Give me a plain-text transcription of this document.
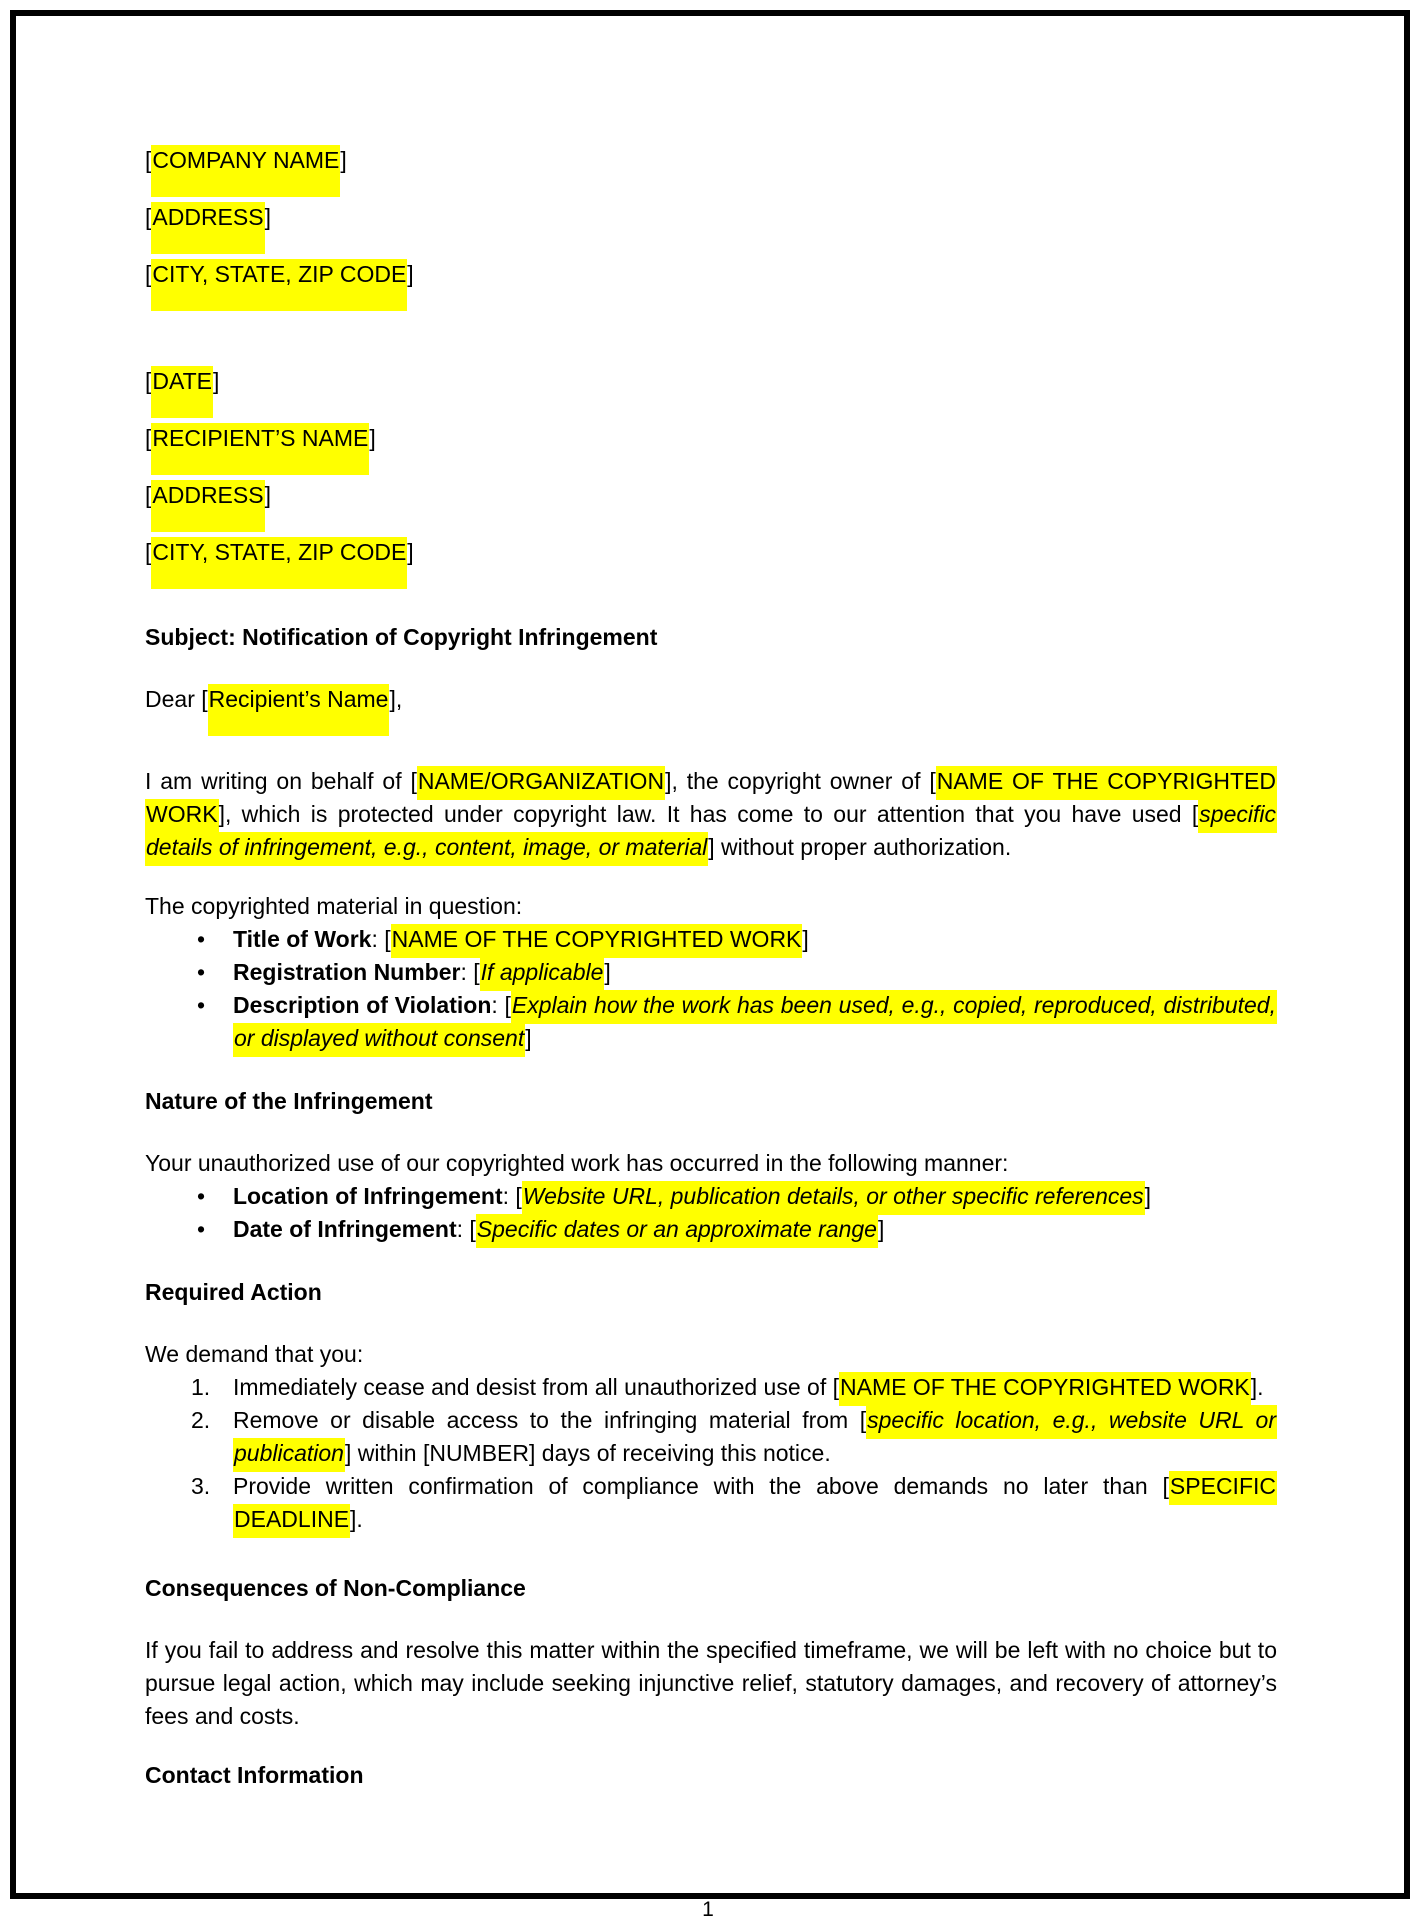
[COMPANY NAME]
[ADDRESS]
[CITY, STATE, ZIP CODE]
[DATE]
[RECIPIENT’S NAME]
[ADDRESS]
[CITY, STATE, ZIP CODE]
Subject: Notification of Copyright Infringement
Dear [Recipient’s Name],
I am writing on behalf of [NAME/ORGANIZATION], the copyright owner of [NAME OF THE COPYRIGHTED WORK], which is protected under copyright law. It has come to our attention that you have used [specific details of infringement, e.g., content, image, or material] without proper authorization.
The copyrighted material in question:
• Title of Work: [NAME OF THE COPYRIGHTED WORK]
• Registration Number: [If applicable]
• Description of Violation: [Explain how the work has been used, e.g., copied, reproduced, distributed, or displayed without consent]
Nature of the Infringement
Your unauthorized use of our copyrighted work has occurred in the following manner:
• Location of Infringement: [Website URL, publication details, or other specific references]
• Date of Infringement: [Specific dates or an approximate range]
Required Action
We demand that you:
1. Immediately cease and desist from all unauthorized use of [NAME OF THE COPYRIGHTED WORK].
2. Remove or disable access to the infringing material from [specific location, e.g., website URL or publication] within [NUMBER] days of receiving this notice.
3. Provide written confirmation of compliance with the above demands no later than [SPECIFIC DEADLINE].
Consequences of Non-Compliance
If you fail to address and resolve this matter within the specified timeframe, we will be left with no choice but to pursue legal action, which may include seeking injunctive relief, statutory damages, and recovery of attorney’s fees and costs.
Contact Information
1
